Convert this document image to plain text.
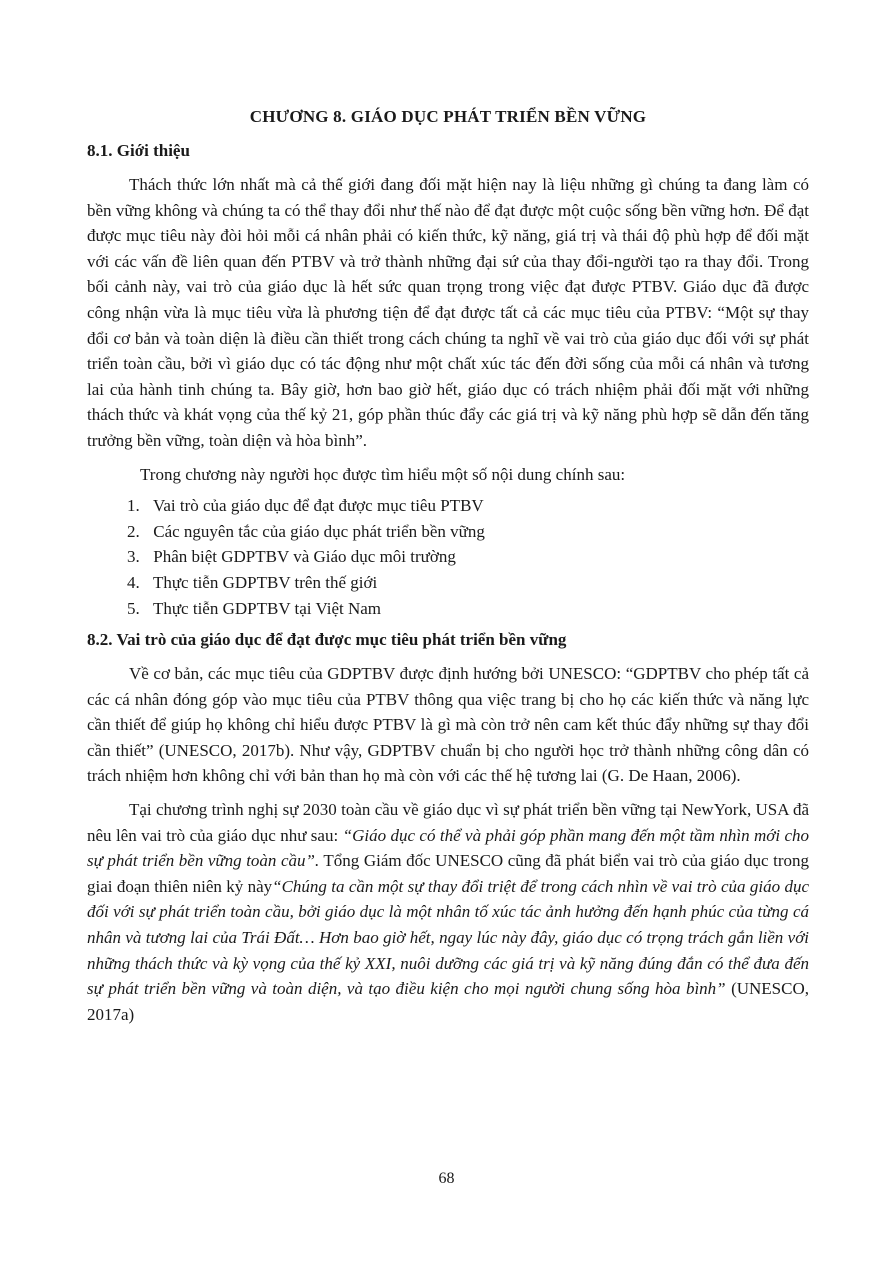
CHƯƠNG 8. GIÁO DỤC PHÁT TRIỂN BỀN VỮNG
8.1. Giới thiệu

Thách thức lớn nhất mà cả thế giới đang đối mặt hiện nay là liệu những gì chúng ta đang làm có bền vững không và chúng ta có thể thay đổi như thế nào để đạt được một cuộc sống bền vững hơn. Để đạt được mục tiêu này đòi hỏi mỗi cá nhân phải có kiến thức, kỹ năng, giá trị và thái độ phù hợp để đối mặt với các vấn đề liên quan đến PTBV và trở thành những đại sứ của thay đổi-người tạo ra thay đổi. Trong bối cảnh này, vai trò của giáo dục là hết sức quan trọng trong việc đạt được PTBV. Giáo dục đã được công nhận vừa là mục tiêu vừa là phương tiện để đạt được tất cả các mục tiêu của PTBV: “Một sự thay đổi cơ bản và toàn diện là điều cần thiết trong cách chúng ta nghĩ về vai trò của giáo dục đối với sự phát triển toàn cầu, bởi vì giáo dục có tác động như một chất xúc tác đến đời sống của mỗi cá nhân và tương lai của hành tinh chúng ta. Bây giờ, hơn bao giờ hết, giáo dục có trách nhiệm phải đối mặt với những thách thức và khát vọng của thế kỷ 21, góp phần thúc đẩy các giá trị và kỹ năng phù hợp sẽ dẫn đến tăng trưởng bền vững, toàn diện và hòa bình”.

Trong chương này người học được tìm hiểu một số nội dung chính sau:

1. Vai trò của giáo dục để đạt được mục tiêu PTBV
2. Các nguyên tắc của giáo dục phát triển bền vững
3. Phân biệt GDPTBV và Giáo dục môi trường
4. Thực tiễn GDPTBV trên thế giới
5. Thực tiễn GDPTBV tại Việt Nam
8.2. Vai trò của giáo dục để đạt được mục tiêu phát triển bền vững

Về cơ bản, các mục tiêu của GDPTBV được định hướng bởi UNESCO: “GDPTBV cho phép tất cả các cá nhân đóng góp vào mục tiêu của PTBV thông qua việc trang bị cho họ các kiến thức và năng lực cần thiết để giúp họ không chỉ hiểu được PTBV là gì mà còn trở nên cam kết thúc đẩy những sự thay đổi cần thiết” (UNESCO, 2017b). Như vậy, GDPTBV chuẩn bị cho người học trở thành những công dân có trách nhiệm hơn không chỉ với bản than họ mà còn với các thế hệ tương lai (G. De Haan, 2006).

Tại chương trình nghị sự 2030 toàn cầu về giáo dục vì sự phát triển bền vững tại NewYork, USA đã nêu lên vai trò của giáo dục như sau: “Giáo dục có thể và phải góp phần mang đến một tầm nhìn mới cho sự phát triển bền vững toàn cầu”. Tổng Giám đốc UNESCO cũng đã phát biển vai trò của giáo dục trong giai đoạn thiên niên kỷ này“Chúng ta cần một sự thay đổi triệt để trong cách nhìn về vai trò của giáo dục đối với sự phát triển toàn cầu, bởi giáo dục là một nhân tố xúc tác ảnh hưởng đến hạnh phúc của từng cá nhân và tương lai của Trái Đất… Hơn bao giờ hết, ngay lúc này đây, giáo dục có trọng trách gắn liền với những thách thức và kỳ vọng của thế kỷ XXI, nuôi dưỡng các giá trị và kỹ năng đúng đắn có thể đưa đến sự phát triển bền vững và toàn diện, và tạo điều kiện cho mọi người chung sống hòa bình” (UNESCO, 2017a)

68
